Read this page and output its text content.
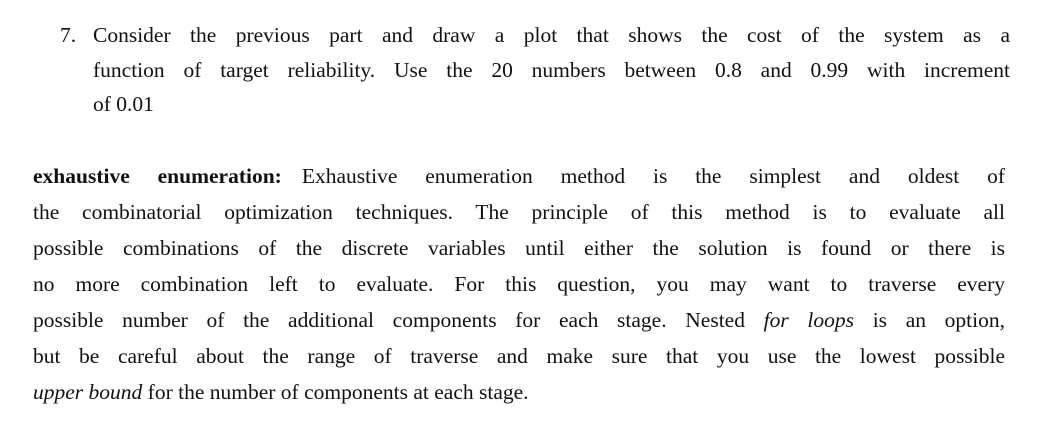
7. Consider the previous part and draw a plot that shows the cost of the system as a
function of target reliability. Use the 20 numbers between 0.8 and 0.99 with increment
of 0.01
exhaustive enumeration: Exhaustive enumeration method is the simplest and oldest of
the combinatorial optimization techniques. The principle of this method is to evaluate all
possible combinations of the discrete variables until either the solution is found or there is
no more combination left to evaluate. For this question, you may want to traverse every
possible number of the additional components for each stage. Nested for loops is an option,
but be careful about the range of traverse and make sure that you use the lowest possible
upper bound for the number of components at each stage.
